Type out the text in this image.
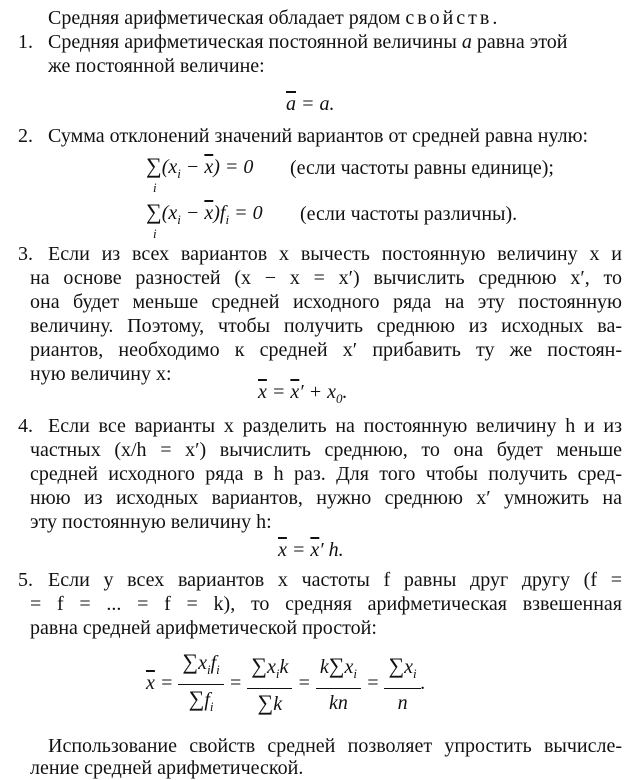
Средняя арифметическая обладает рядом свойств.
1. Средняя арифметическая постоянной величины а равна этой
же постоянной величине:
$\overline{a} = a$.
2. Сумма отклонений значений вариантов от средней равна нулю:
$\sum(x_i - \overline{x}) = 0$
i
(если частоты равны единице);
$\sum(x_i - \overline{x})f_i = 0$
i
(если частоты различны).
3. Если из всех вариантов x вычесть постоянную величину x и
на основе разностей (x − x = x′) вычислить среднюю x′, то
она будет меньше средней исходного ряда на эту постоянную
величину. Поэтому, чтобы получить среднюю из исходных ва-
риантов, необходимо к средней x′ прибавить ту же постоян-
ную величину x:
$\overline{x} = \overline{x}' + x_0$.
4. Если все варианты x разделить на постоянную величину h и из
частных (x/h = x′) вычислить среднюю, то она будет меньше
средней исходного ряда в h раз. Для того чтобы получить сред-
нюю из исходных вариантов, нужно среднюю x′ умножить на
эту постоянную величину h:
$\overline{x} = \overline{x}'$ h.
5. Если у всех вариантов x частоты f равны друг другу (f =
= f = ... = f = k), то средняя арифметическая взвешенная
равна средней арифметической простой:
$\overline{x} = \frac{\sum x_if_i}{\sum f_i} = \frac{\sum x_ik}{\sum k} = \frac{k\sum x_i}{kn} = \frac{\sum x_i}{n}$ .
Использование свойств средней позволяет упростить вычисле-
ление средней арифметической.
